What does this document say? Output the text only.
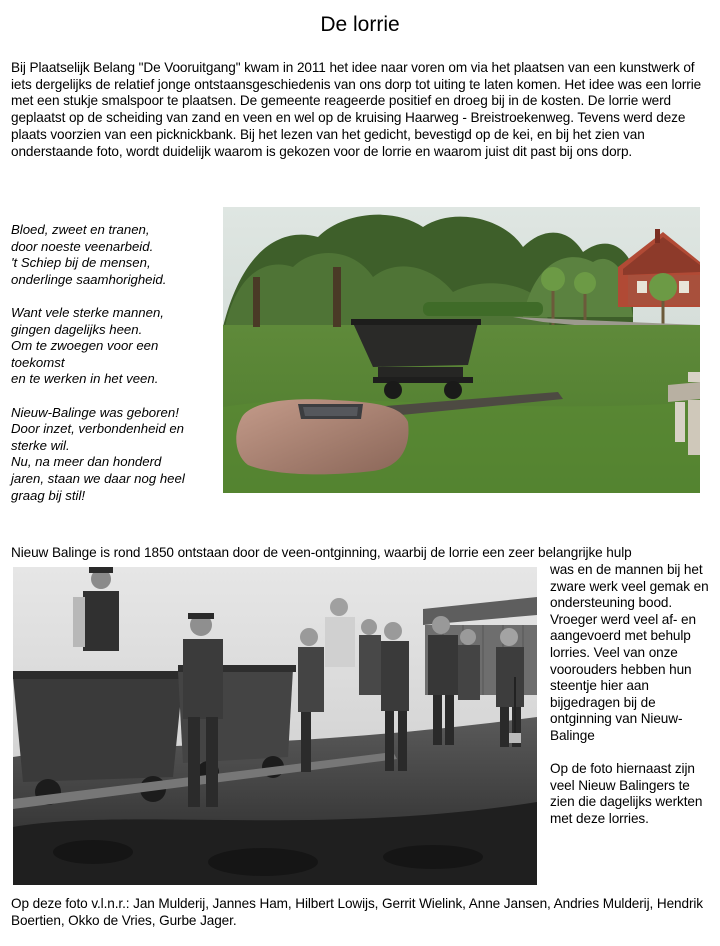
De lorrie
Bij Plaatselijk Belang "De Vooruitgang" kwam in 2011 het idee naar voren om via het plaatsen van een kunstwerk of iets dergelijks de relatief jonge ontstaansgeschiedenis van ons dorp tot uiting te laten komen. Het idee was een lorrie met een stukje smalspoor te plaatsen. De gemeente reageerde positief en droeg bij in de kosten. De lorrie werd geplaatst op de scheiding van zand en veen en wel op de kruising Haarweg - Breistroekenweg. Tevens werd deze plaats voorzien van een picknickbank. Bij het lezen van het gedicht, bevestigd op de kei, en bij het zien van onderstaande foto, wordt duidelijk waarom is gekozen voor de lorrie en waarom juist dit past bij ons dorp.

Bloed, zweet en tranen,
door noeste veenarbeid.
't Schiep bij de mensen,
onderlinge saamhorigheid.

Want vele sterke mannen,
gingen dagelijks heen.
Om te zwoegen voor een
toekomst
en te werken in het veen.

Nieuw-Balinge was geboren!
Door inzet, verbondenheid en
sterke wil.
Nu, na meer dan honderd
jaren, staan we daar nog heel
graag bij stil!

Nieuw Balinge is rond 1850 ontstaan door de veen-ontginning, waarbij de lorrie een zeer belangrijke hulp

was en de mannen bij het zware werk veel gemak en ondersteuning bood. Vroeger werd veel af- en aangevoerd met behulp lorries. Veel van onze voorouders hebben hun steentje hier aan bijgedragen bij de ontginning van Nieuw-Balinge

Op de foto hiernaast zijn veel Nieuw Balingers te zien die dagelijks werkten met deze lorries.

Op deze foto v.l.n.r.: Jan Mulderij, Jannes Ham, Hilbert Lowijs, Gerrit Wielink, Anne Jansen, Andries Mulderij, Hendrik Boertien, Okko de Vries, Gurbe Jager.
